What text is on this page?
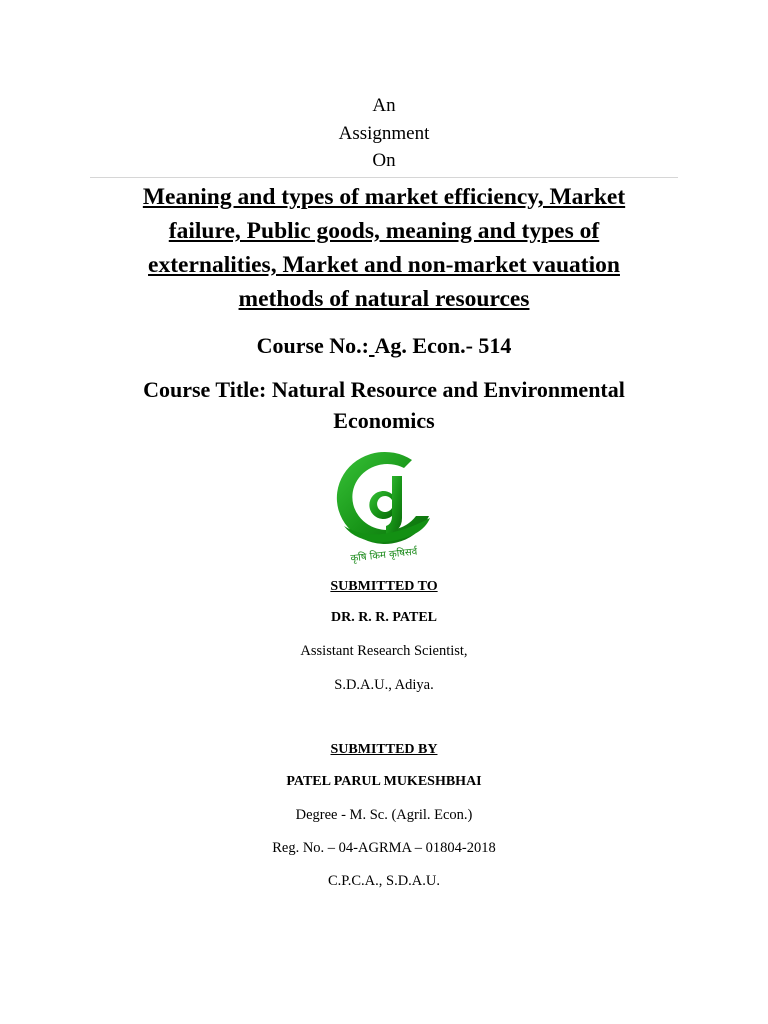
An
Assignment
On
Meaning and types of market efficiency, Market failure, Public goods, meaning and types of externalities, Market and non-market vauation methods of natural resources
Course No.: Ag. Econ.- 514
Course Title: Natural Resource and Environmental
Economics
कृषि किम कृषिसर्व
SUBMITTED TO
DR. R. R. PATEL
Assistant Research Scientist,
S.D.A.U., Adiya.
SUBMITTED BY
PATEL PARUL MUKESHBHAI
Degree - M. Sc. (Agril. Econ.)
Reg. No. – 04-AGRMA – 01804-2018
C.P.C.A., S.D.A.U.
